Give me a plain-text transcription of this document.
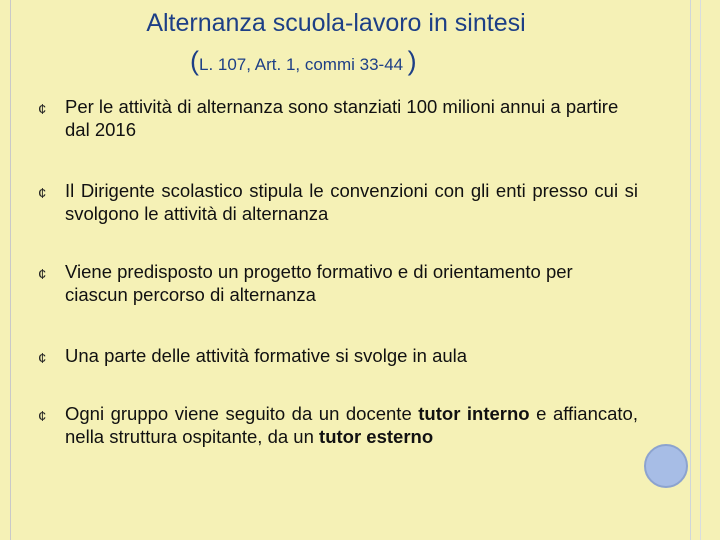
Alternanza scuola-lavoro in sintesi
(L. 107, Art. 1, commi 33-44 )
¢ Per le attività di alternanza sono stanziati 100 milioni annui a partire dal 2016
¢ Il Dirigente scolastico stipula le convenzioni con gli enti presso cui si svolgono le attività di alternanza
¢ Viene predisposto un progetto formativo e di orientamento per ciascun percorso di alternanza
¢ Una parte delle attività formative si svolge in aula
¢ Ogni gruppo viene seguito da un docente tutor interno e affiancato, nella struttura ospitante, da un tutor esterno
